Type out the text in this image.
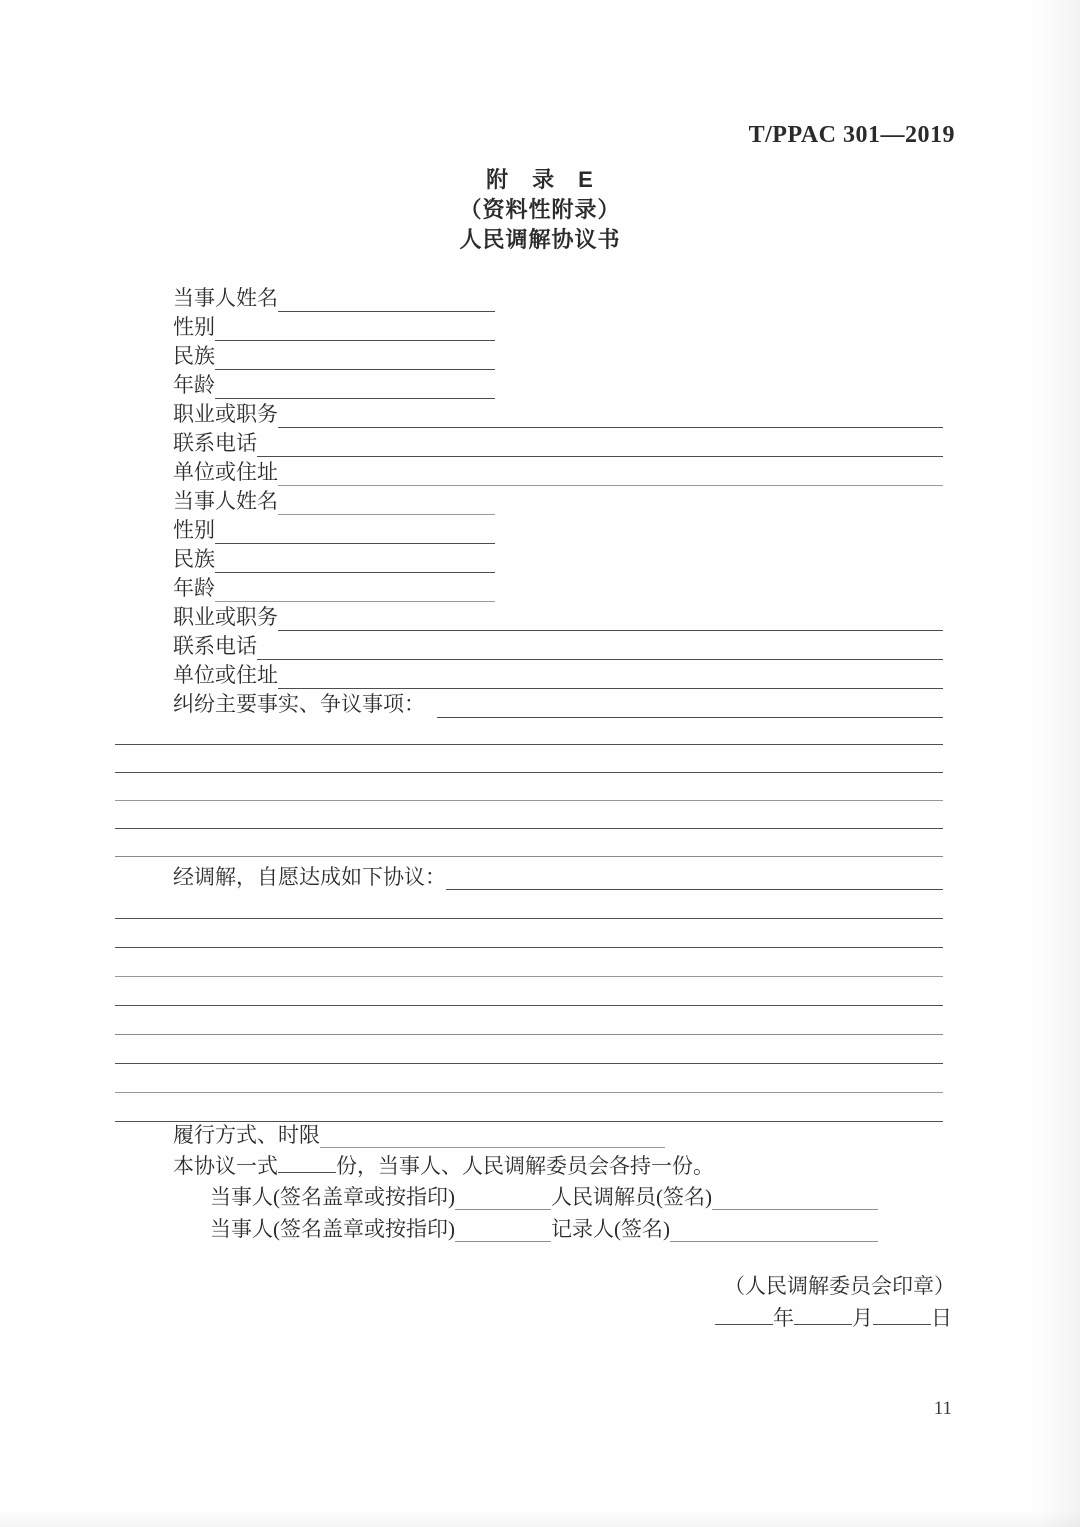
T/PPAC 301—2019
附　录　E
（资料性附录）
人民调解协议书
当事人姓名
性别
民族
年龄
职业或职务
联系电话
单位或住址
当事人姓名
性别
民族
年龄
职业或职务
联系电话
单位或住址
纠纷主要事实、争议事项：
经调解，自愿达成如下协议：
履行方式、时限
本协议一式	份，当事人、人民调解委员会各持一份。
当事人(签名盖章或按指印)	人民调解员(签名)
当事人(签名盖章或按指印)	记录人(签名)
（人民调解委员会印章）
年	月	日
11
